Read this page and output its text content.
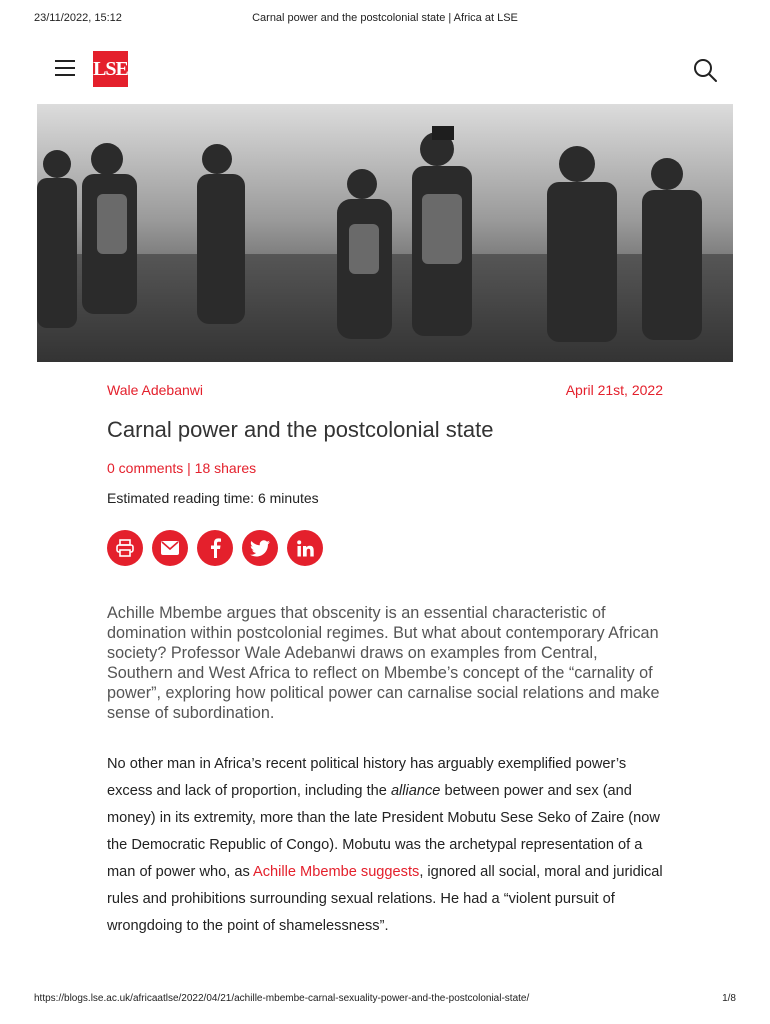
23/11/2022, 15:12	Carnal power and the postcolonial state | Africa at LSE
LSE
Wale Adebanwi	April 21st, 2022
Carnal power and the postcolonial state
0 comments | 18 shares
Estimated reading time: 6 minutes

Achille Mbembe argues that obscenity is an essential characteristic of domination within postcolonial regimes. But what about contemporary African society? Professor Wale Adebanwi draws on examples from Central, Southern and West Africa to reflect on Mbembe’s concept of the “carnality of power”, exploring how political power can carnalise social relations and make sense of subordination.

No other man in Africa’s recent political history has arguably exemplified power’s excess and lack of proportion, including the alliance between power and sex (and money) in its extremity, more than the late President Mobutu Sese Seko of Zaire (now the Democratic Republic of Congo). Mobutu was the archetypal representation of a man of power who, as Achille Mbembe suggests, ignored all social, moral and juridical rules and prohibitions surrounding sexual relations. He had a “violent pursuit of wrongdoing to the point of shamelessness”.

https://blogs.lse.ac.uk/africaatlse/2022/04/21/achille-mbembe-carnal-sexuality-power-and-the-postcolonial-state/	1/8
